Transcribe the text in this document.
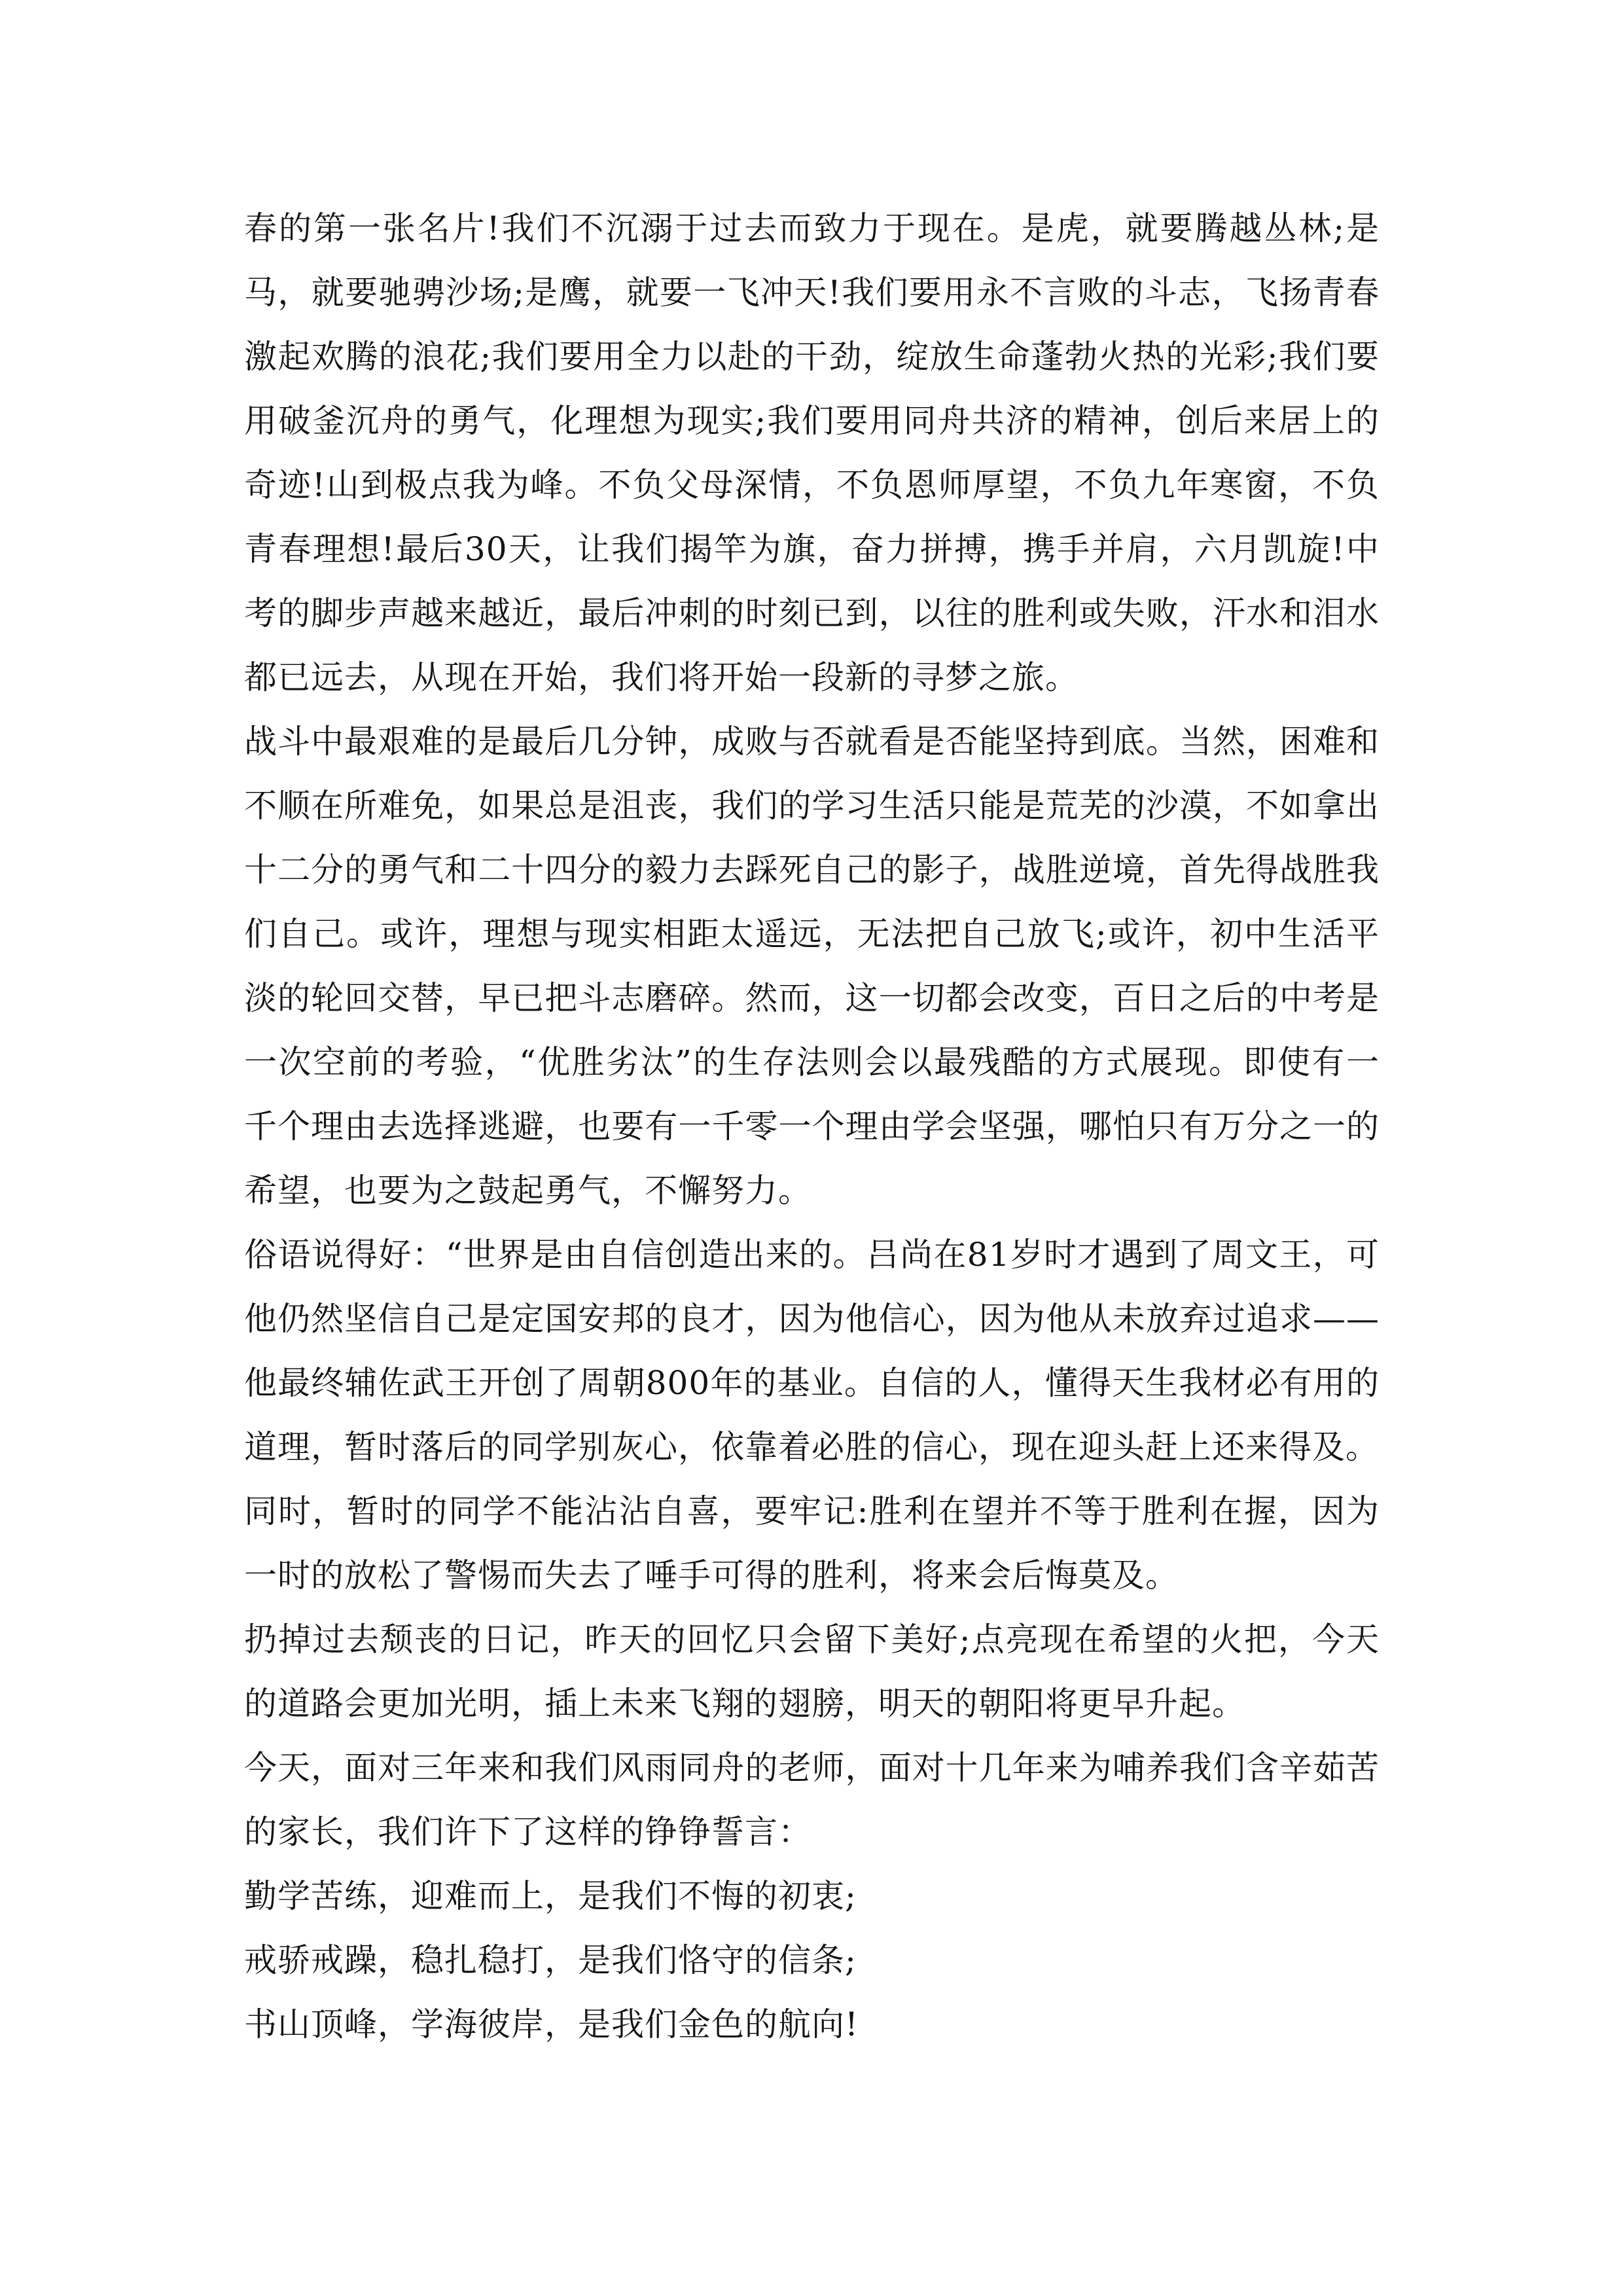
春的第一张名片!我们不沉溺于过去而致力于现在。是虎，就要腾越丛林;是马，就要驰骋沙场;是鹰，就要一飞冲天!我们要用永不言败的斗志，飞扬青春激起欢腾的浪花;我们要用全力以赴的干劲，绽放生命蓬勃火热的光彩;我们要用破釜沉舟的勇气，化理想为现实;我们要用同舟共济的精神，创后来居上的奇迹!山到极点我为峰。不负父母深情，不负恩师厚望，不负九年寒窗，不负青春理想!最后30天，让我们揭竿为旗，奋力拼搏，携手并肩，六月凯旋!中考的脚步声越来越近，最后冲刺的时刻已到，以往的胜利或失败，汗水和泪水都已远去，从现在开始，我们将开始一段新的寻梦之旅。

战斗中最艰难的是最后几分钟，成败与否就看是否能坚持到底。当然，困难和不顺在所难免，如果总是沮丧，我们的学习生活只能是荒芜的沙漠，不如拿出十二分的勇气和二十四分的毅力去踩死自己的影子，战胜逆境，首先得战胜我们自己。或许，理想与现实相距太遥远，无法把自己放飞;或许，初中生活平淡的轮回交替，早已把斗志磨碎。然而，这一切都会改变，百日之后的中考是一次空前的考验，“优胜劣汰”的生存法则会以最残酷的方式展现。即使有一千个理由去选择逃避，也要有一千零一个理由学会坚强，哪怕只有万分之一的希望，也要为之鼓起勇气，不懈努力。

俗语说得好：“世界是由自信创造出来的。吕尚在81岁时才遇到了周文王，可他仍然坚信自己是定国安邦的良才，因为他信心，因为他从未放弃过追求——他最终辅佐武王开创了周朝800年的基业。自信的人，懂得天生我材必有用的道理，暂时落后的同学别灰心，依靠着必胜的信心，现在迎头赶上还来得及。

同时，暂时的同学不能沾沾自喜，要牢记:胜利在望并不等于胜利在握，因为一时的放松了警惕而失去了唾手可得的胜利，将来会后悔莫及。

扔掉过去颓丧的日记，昨天的回忆只会留下美好;点亮现在希望的火把，今天的道路会更加光明，插上未来飞翔的翅膀，明天的朝阳将更早升起。

今天，面对三年来和我们风雨同舟的老师，面对十几年来为哺养我们含辛茹苦的家长，我们许下了这样的铮铮誓言：

勤学苦练，迎难而上，是我们不悔的初衷;

戒骄戒躁，稳扎稳打，是我们恪守的信条;

书山顶峰，学海彼岸，是我们金色的航向!
